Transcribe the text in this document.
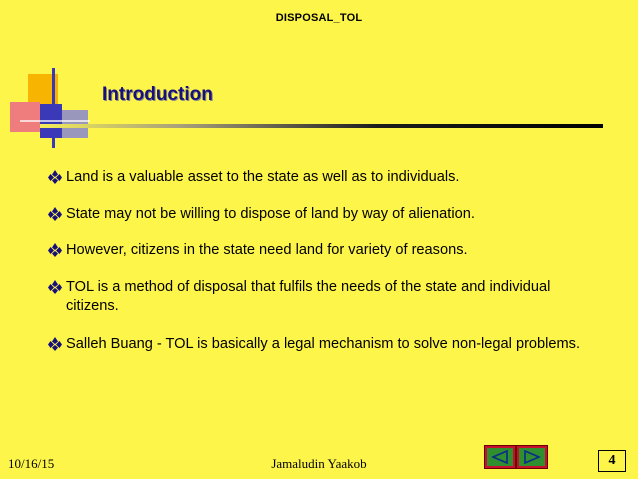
DISPOSAL_TOL
Introduction
Land is a valuable asset to the state as well as to individuals.
State may not be willing to dispose of land by way of alienation.
However, citizens in the state need land for variety of reasons.
TOL is a method of disposal that fulfils the needs of the state and individual citizens.
Salleh Buang - TOL is basically a legal mechanism to solve non-legal problems.
10/16/15	Jamaludin Yaakob	4
